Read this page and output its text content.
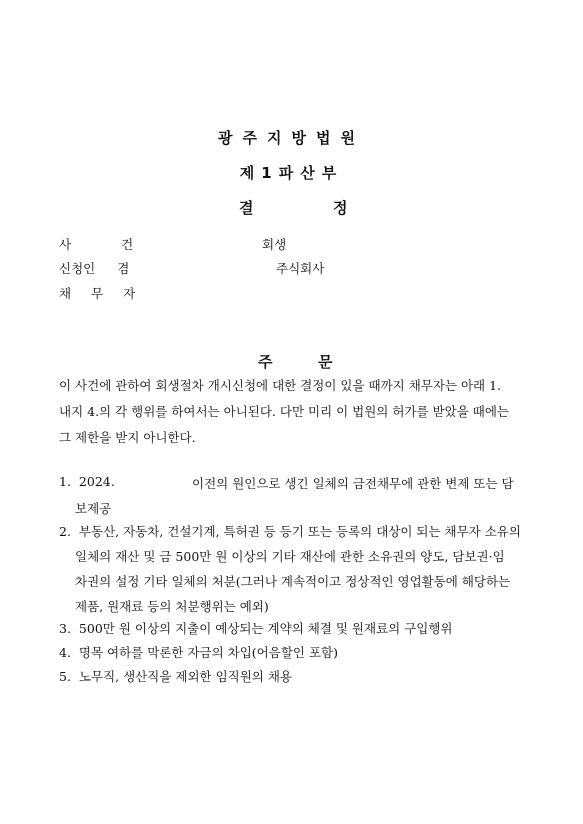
광주지방법원
제1파산부
결	정
사	건	회생
신청인 겸	주식회사
채 무 자
주	문
이 사건에 관하여 회생절차 개시신청에 대한 결정이 있을 때까지 채무자는 아래 1.
내지 4.의 각 행위를 하여서는 아니된다. 다만 미리 이 법원의 허가를 받았을 때에는
그 제한을 받지 아니한다.
1. 2024.	이전의 원인으로 생긴 일체의 금전채무에 관한 변제 또는 담
보제공
2. 부동산, 자동차, 건설기계, 특허권 등 등기 또는 등록의 대상이 되는 채무자 소유의
일체의 재산 및 금 500만 원 이상의 기타 재산에 관한 소유권의 양도, 담보권·임
차권의 설정 기타 일체의 처분(그러나 계속적이고 정상적인 영업활동에 해당하는
제품, 원재료 등의 처분행위는 예외)
3. 500만 원 이상의 지출이 예상되는 계약의 체결 및 원재료의 구입행위
4. 명목 여하를 막론한 자금의 차입(어음할인 포함)
5. 노무직, 생산직을 제외한 임직원의 채용
